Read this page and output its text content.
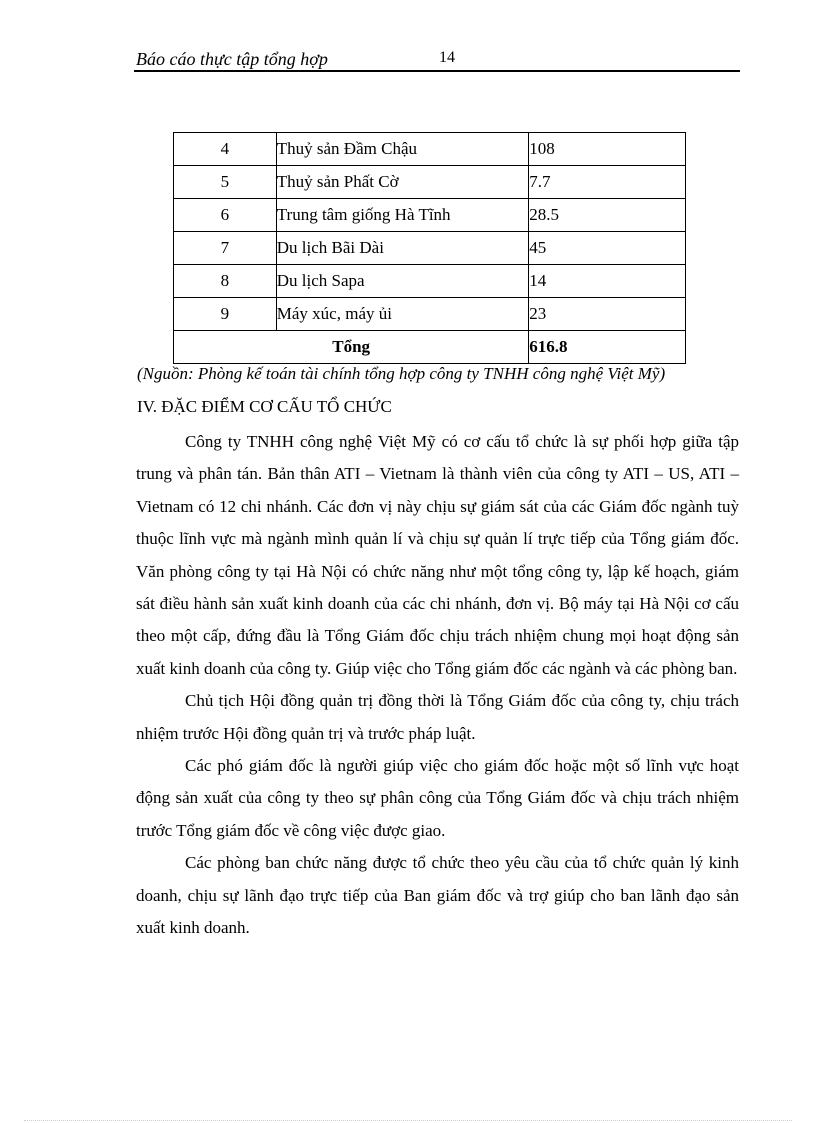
Báo cáo thực tập tổng hợp	14
4	Thuỷ sản Đầm Chậu	108
5	Thuỷ sản Phất Cờ	7.7
6	Trung tâm giống Hà Tĩnh	28.5
7	Du lịch Bãi Dài	45
8	Du lịch Sapa	14
9	Máy xúc, máy ủi	23
Tổng		616.8
(Nguồn: Phòng kế toán tài chính tổng hợp công ty TNHH công nghệ Việt Mỹ)
IV. ĐẶC ĐIỂM CƠ CẤU TỔ CHỨC

Công ty TNHH công nghệ Việt Mỹ có cơ cấu tổ chức là sự phối hợp giữa tập trung và phân tán. Bản thân ATI – Vietnam là thành viên của công ty ATI – US, ATI – Vietnam có 12 chi nhánh. Các đơn vị này chịu sự giám sát của các Giám đốc ngành tuỳ thuộc lĩnh vực mà ngành mình quản lí và chịu sự quản lí trực tiếp của Tổng giám đốc. Văn phòng công ty tại Hà Nội có chức năng như một tổng công ty, lập kế hoạch, giám sát điều hành sản xuất kinh doanh của các chi nhánh, đơn vị. Bộ máy tại Hà Nội cơ cấu theo một cấp, đứng đầu là Tổng Giám đốc chịu trách nhiệm chung mọi hoạt động sản xuất kinh doanh của công ty. Giúp việc cho Tổng giám đốc các ngành và các phòng ban.

Chủ tịch Hội đồng quản trị đồng thời là Tổng Giám đốc của công ty, chịu trách nhiệm trước Hội đồng quản trị và trước pháp luật.

Các phó giám đốc là người giúp việc cho giám đốc hoặc một số lĩnh vực hoạt động sản xuất của công ty theo sự phân công của Tổng Giám đốc và chịu trách nhiệm trước Tổng giám đốc về công việc được giao.

Các phòng ban chức năng được tổ chức theo yêu cầu của tổ chức quản lý kinh doanh, chịu sự lãnh đạo trực tiếp của Ban giám đốc và trợ giúp cho ban lãnh đạo sản xuất kinh doanh.
